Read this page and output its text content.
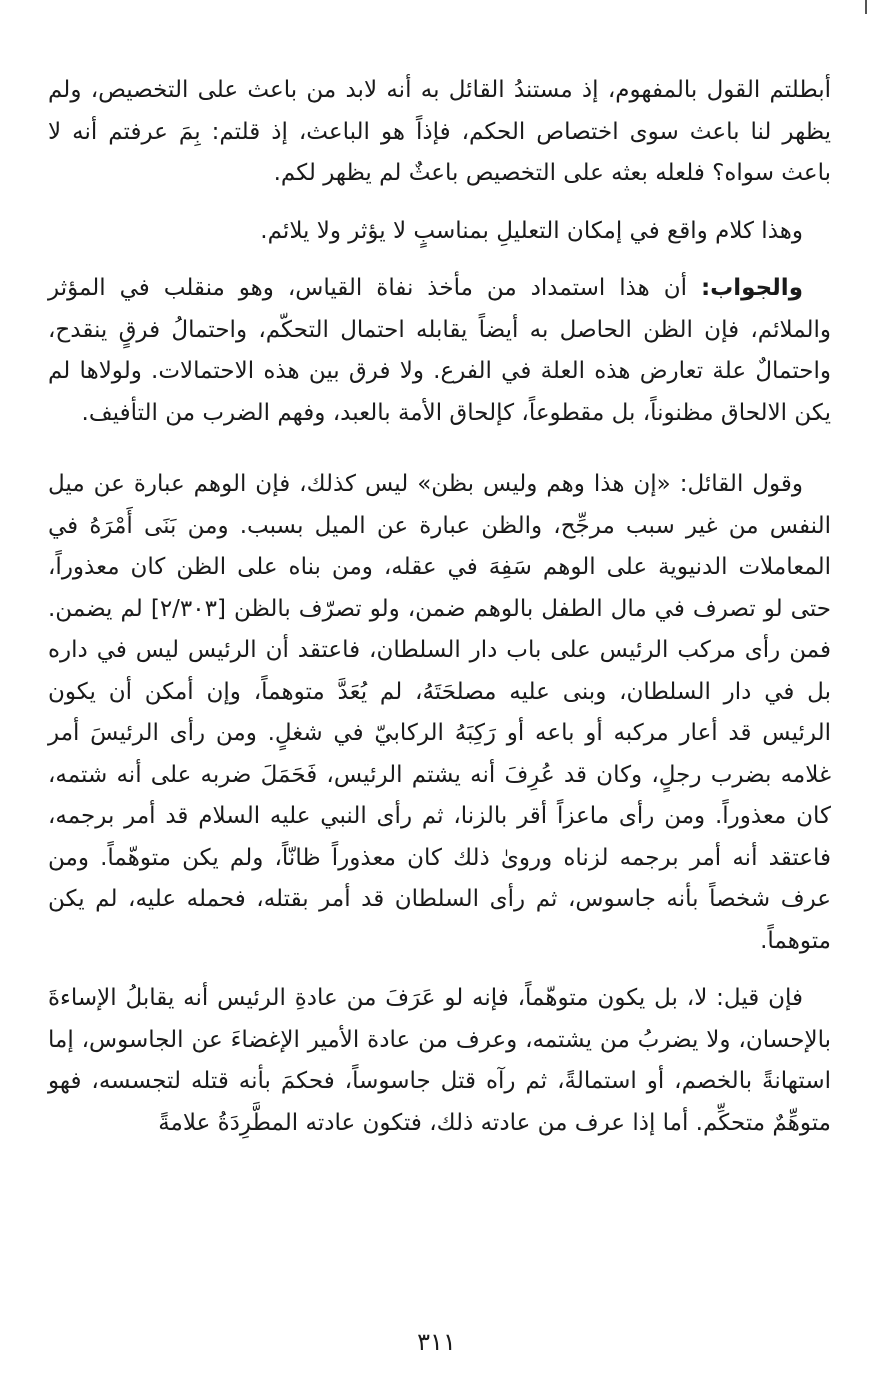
أبطلتم القول بالمفهوم، إذ مستندُ القائل به أنه لابد من باعث على التخصيص، ولم يظهر لنا باعث سوى اختصاص الحكم، فإذاً هو الباعث، إذ قلتم: بِمَ عرفتم أنه لا باعث سواه؟ فلعله بعثه على التخصيص باعثٌ لم يظهر لكم.

وهذا كلام واقع في إمكان التعليلِ بمناسبٍ لا يؤثر ولا يلائم.

والجواب: أن هذا استمداد من مأخذ نفاة القياس، وهو منقلب في المؤثر والملائم، فإن الظن الحاصل به أيضاً يقابله احتمال التحكّم، واحتمالُ فرقٍ ينقدح، واحتمالٌ علة تعارض هذه العلة في الفرع. ولا فرق بين هذه الاحتمالات. ولولاها لم يكن الالحاق مظنوناً، بل مقطوعاً، كإلحاق الأمة بالعبد، وفهم الضرب من التأفيف.

وقول القائل: «إن هذا وهم وليس بظن» ليس كذلك، فإن الوهم عبارة عن ميل النفس من غير سبب مرجِّح، والظن عبارة عن الميل بسبب. ومن بَنَى أَمْرَهُ في المعاملات الدنيوية على الوهم سَفِهَ في عقله، ومن بناه على الظن كان معذوراً، حتى لو تصرف في مال الطفل بالوهم ضمن، ولو تصرّف بالظن [٢/٣٠٣] لم يضمن. فمن رأى مركب الرئيس على باب دار السلطان، فاعتقد أن الرئيس ليس في داره بل في دار السلطان، وبنى عليه مصلحَتَهُ، لم يُعَدَّ متوهماً، وإن أمكن أن يكون الرئيس قد أعار مركبه أو باعه أو رَكِبَهُ الركابيّ في شغلٍ. ومن رأى الرئيسَ أمر غلامه بضرب رجلٍ، وكان قد عُرِفَ أنه يشتم الرئيس، فَحَمَلَ ضربه على أنه شتمه، كان معذوراً. ومن رأى ماعزاً أقر بالزنا، ثم رأى النبي عليه السلام قد أمر برجمه، فاعتقد أنه أمر برجمه لزناه وروىٰ ذلك كان معذوراً ظانّاً، ولم يكن متوهّماً. ومن عرف شخصاً بأنه جاسوس، ثم رأى السلطان قد أمر بقتله، فحمله عليه، لم يكن متوهماً.

فإن قيل: لا، بل يكون متوهّماً، فإنه لو عَرَفَ من عادةِ الرئيس أنه يقابلُ الإساءةَ بالإحسان، ولا يضربُ من يشتمه، وعرف من عادة الأمير الإغضاءَ عن الجاسوس، إما استهانةً بالخصم، أو استمالةً، ثم رآه قتل جاسوساً، فحكمَ بأنه قتله لتجسسه، فهو متوهِّمٌ متحكِّم. أما إذا عرف من عادته ذلك، فتكون عادته المطَّرِدَةُ علامةً

٣١١
